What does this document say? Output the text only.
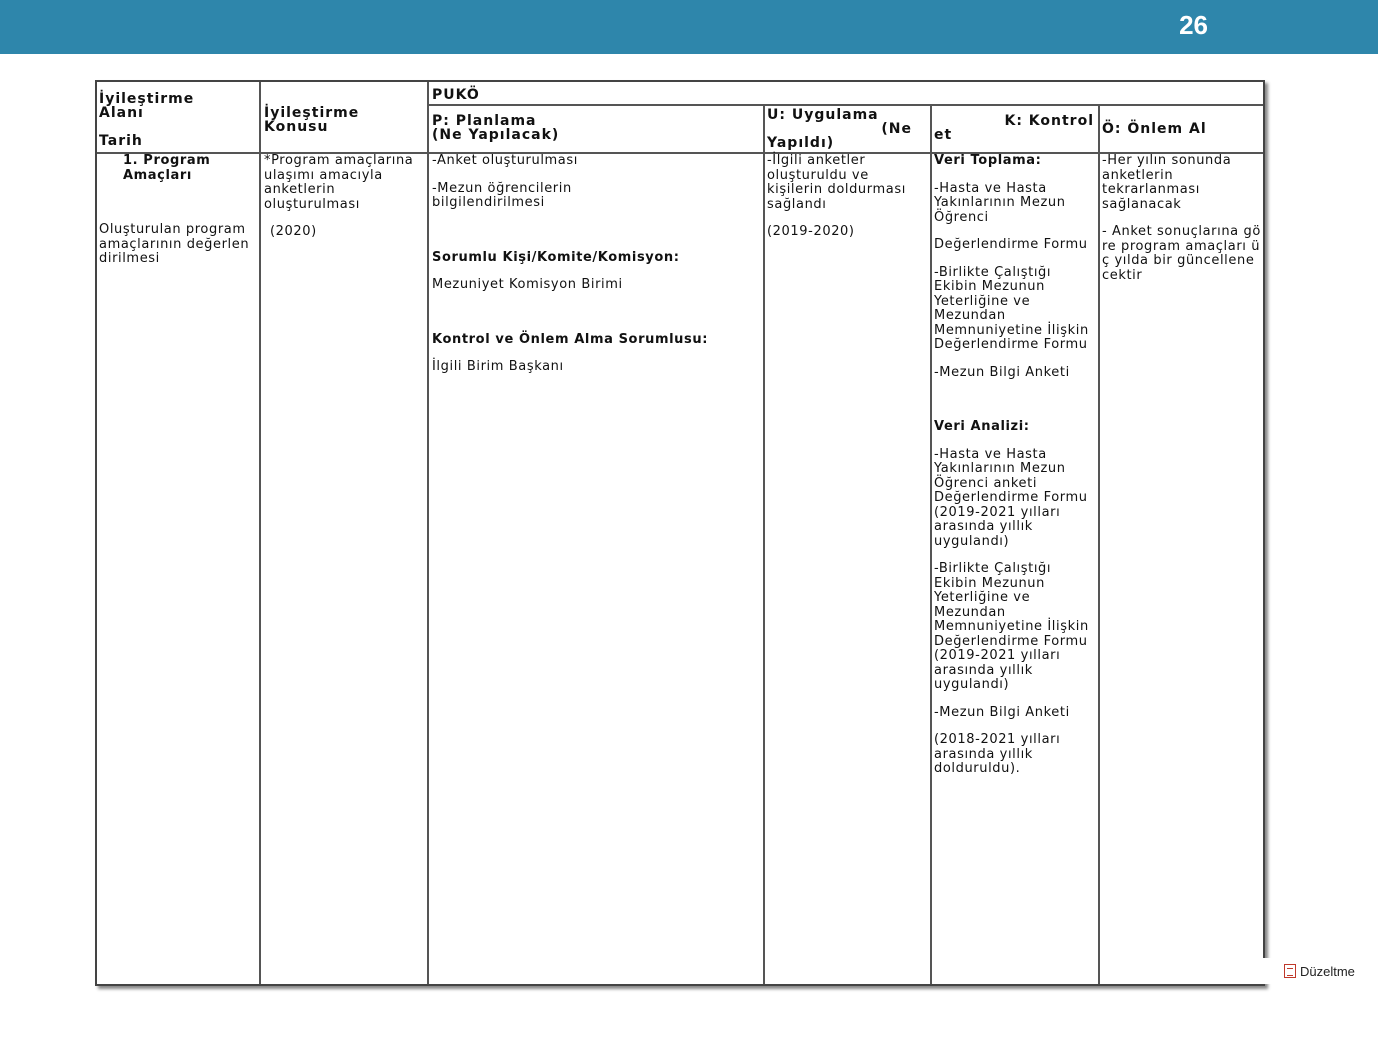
26
İyileştirme
Alanı
Tarih
İyileştirme
Konusu
PUKÖ
P: Planlama
(Ne Yapılacak)
U: Uygulama
(Ne
Yapıldı)
K: Kontrol
et	Ö: Önlem Al

1. Program Amaçları

Oluşturulan program amaçlarının değerlendirilmesi

*Program amaçlarına ulaşımı amacıyla anketlerin oluşturulması

(2020)

-Anket oluşturulması

-Mezun öğrencilerin bilgilendirilmesi

Sorumlu Kişi/Komite/Komisyon:

Mezuniyet Komisyon Birimi

Kontrol ve Önlem Alma Sorumlusu:

İlgili Birim Başkanı

-İlgili anketler oluşturuldu ve kişilerin doldurması sağlandı

(2019-2020)

Veri Toplama:

-Hasta ve Hasta Yakınlarının Mezun Öğrenci

Değerlendirme Formu

-Birlikte Çalıştığı Ekibin Mezunun Yeterliğine ve Mezundan Memnuniyetine İlişkin Değerlendirme Formu

-Mezun Bilgi Anketi

Veri Analizi:

-Hasta ve Hasta Yakınlarının Mezun Öğrenci anketi Değerlendirme Formu (2019-2021 yılları arasında yıllık uygulandı)

-Birlikte Çalıştığı Ekibin Mezunun Yeterliğine ve Mezundan Memnuniyetine İlişkin Değerlendirme Formu (2019-2021 yılları arasında yıllık uygulandı)

-Mezun Bilgi Anketi

(2018-2021 yılları arasında yıllık dolduruldu).

-Her yılın sonunda anketlerin tekrarlanması sağlanacak

- Anket sonuçlarına göre program amaçları üç yılda bir güncellenecektir

Düzeltme
